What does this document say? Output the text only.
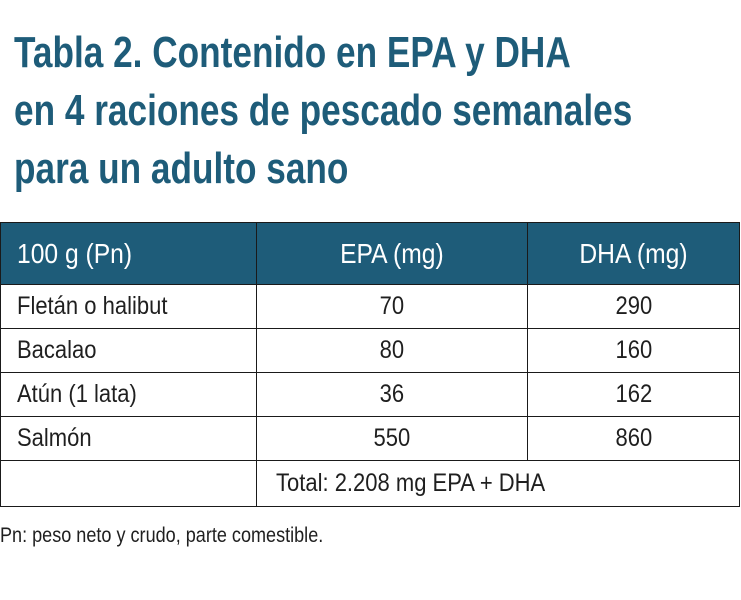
Tabla 2. Contenido en EPA y DHA
en 4 raciones de pescado semanales
para un adulto sano
100 g (Pn)	EPA (mg)	DHA (mg)
Fletán o halibut	70	290
Bacalao	80	160
Atún (1 lata)	36	162
Salmón	550	860
	Total: 2.208 mg EPA + DHA	

Pn: peso neto y crudo, parte comestible.
